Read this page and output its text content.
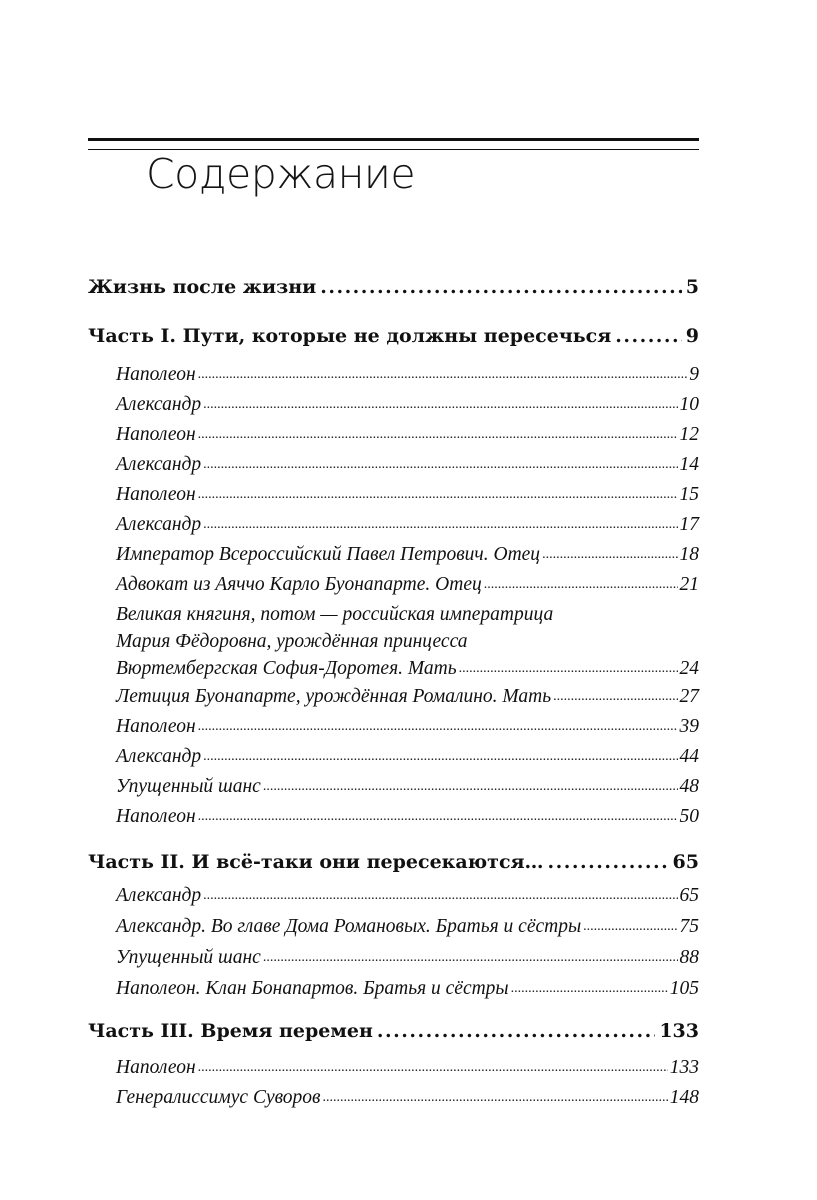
Содержание
Жизнь после жизни .....	5
Часть I. Пути, которые не должны пересечься .....	9
Наполеон .....	9
Александр .....	10
Наполеон .....	12
Александр .....	14
Наполеон .....	15
Александр .....	17
Император Всероссийский Павел Петрович. Отец .....	18
Адвокат из Аяччо Карло Буонапарте. Отец .....	21
Великая княгиня, потом — российская императрица
Мария Фёдоровна, урождённая принцесса
Вюртембергская София-Доротея. Мать .....	24
Летиция Буонапарте, урождённая Ромалино. Мать .....	27
Наполеон .....	39
Александр .....	44
Упущенный шанс .....	48
Наполеон .....	50
Часть II. И всё-таки они пересекаются… .....	65
Александр .....	65
Александр. Во главе Дома Романовых. Братья и сёстры .....	75
Упущенный шанс .....	88
Наполеон. Клан Бонапартов. Братья и сёстры .....	105
Часть III. Время перемен .....	133
Наполеон .....	133
Генералиссимус Суворов .....	148
